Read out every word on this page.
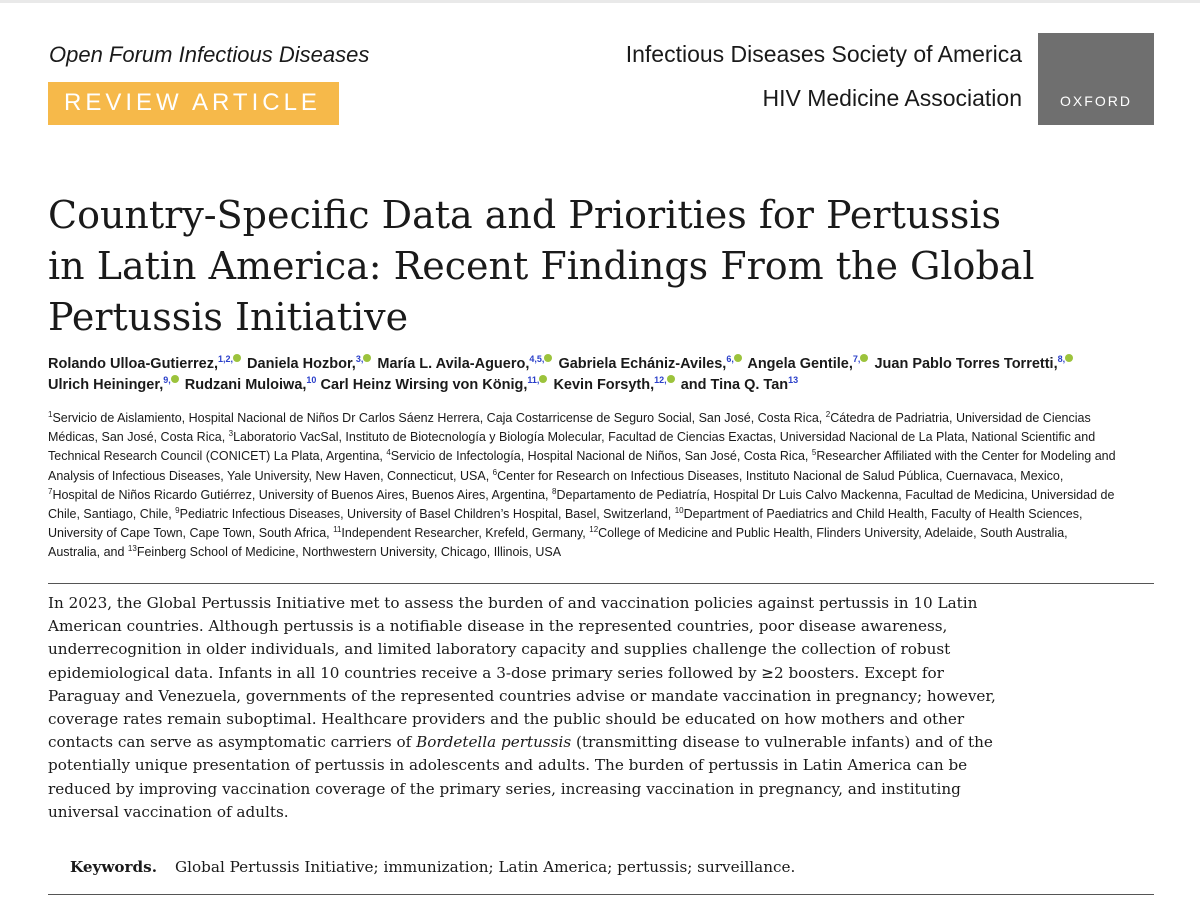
Open Forum Infectious Diseases
REVIEW ARTICLE
Infectious Diseases Society of America
HIV Medicine Association	OXFORD
Country-Specific Data and Priorities for Pertussis
in Latin America: Recent Findings From the Global
Pertussis Initiative
Rolando Ulloa-Gutierrez,$^{1,2,}$ Daniela Hozbor,$^{3,}$ María L. Avila-Aguero,$^{4,5,}$ Gabriela Echániz-Aviles,$^{6,}$ Angela Gentile,$^{7,}$ Juan Pablo Torres Torretti,$^{8,}$
Ulrich Heininger,$^{9,}$ Rudzani Muloiwa,$^{10}$ Carl Heinz Wirsing von König,$^{11,}$ Kevin Forsyth,$^{12,}$ and Tina Q. Tan$^{13}$
$^1$Servicio de Aislamiento, Hospital Nacional de Niños Dr Carlos Sáenz Herrera, Caja Costarricense de Seguro Social, San José, Costa Rica, $^2$Cátedra de Padriatria, Universidad de Ciencias
Médicas, San José, Costa Rica, $^3$Laboratorio VacSal, Instituto de Biotecnología y Biología Molecular, Facultad de Ciencias Exactas, Universidad Nacional de La Plata, National Scientific and
Technical Research Council (CONICET) La Plata, Argentina, $^4$Servicio de Infectología, Hospital Nacional de Niños, San José, Costa Rica, $^5$Researcher Affiliated with the Center for Modeling and
Analysis of Infectious Diseases, Yale University, New Haven, Connecticut, USA, $^6$Center for Research on Infectious Diseases, Instituto Nacional de Salud Pública, Cuernavaca, Mexico,
$^7$Hospital de Niños Ricardo Gutiérrez, University of Buenos Aires, Buenos Aires, Argentina, $^8$Departamento de Pediatría, Hospital Dr Luis Calvo Mackenna, Facultad de Medicina, Universidad de
Chile, Santiago, Chile, $^9$Pediatric Infectious Diseases, University of Basel Children’s Hospital, Basel, Switzerland, $^{10}$Department of Paediatrics and Child Health, Faculty of Health Sciences,
University of Cape Town, Cape Town, South Africa, $^{11}$Independent Researcher, Krefeld, Germany, $^{12}$College of Medicine and Public Health, Flinders University, Adelaide, South Australia,
Australia, and $^{13}$Feinberg School of Medicine, Northwestern University, Chicago, Illinois, USA
In 2023, the Global Pertussis Initiative met to assess the burden of and vaccination policies against pertussis in 10 Latin
American countries. Although pertussis is a notifiable disease in the represented countries, poor disease awareness,
underrecognition in older individuals, and limited laboratory capacity and supplies challenge the collection of robust
epidemiological data. Infants in all 10 countries receive a 3-dose primary series followed by ≥2 boosters. Except for
Paraguay and Venezuela, governments of the represented countries advise or mandate vaccination in pregnancy; however,
coverage rates remain suboptimal. Healthcare providers and the public should be educated on how mothers and other
contacts can serve as asymptomatic carriers of Bordetella pertussis (transmitting disease to vulnerable infants) and of the
potentially unique presentation of pertussis in adolescents and adults. The burden of pertussis in Latin America can be
reduced by improving vaccination coverage of the primary series, increasing vaccination in pregnancy, and instituting
universal vaccination of adults.
Keywords. Global Pertussis Initiative; immunization; Latin America; pertussis; surveillance.
